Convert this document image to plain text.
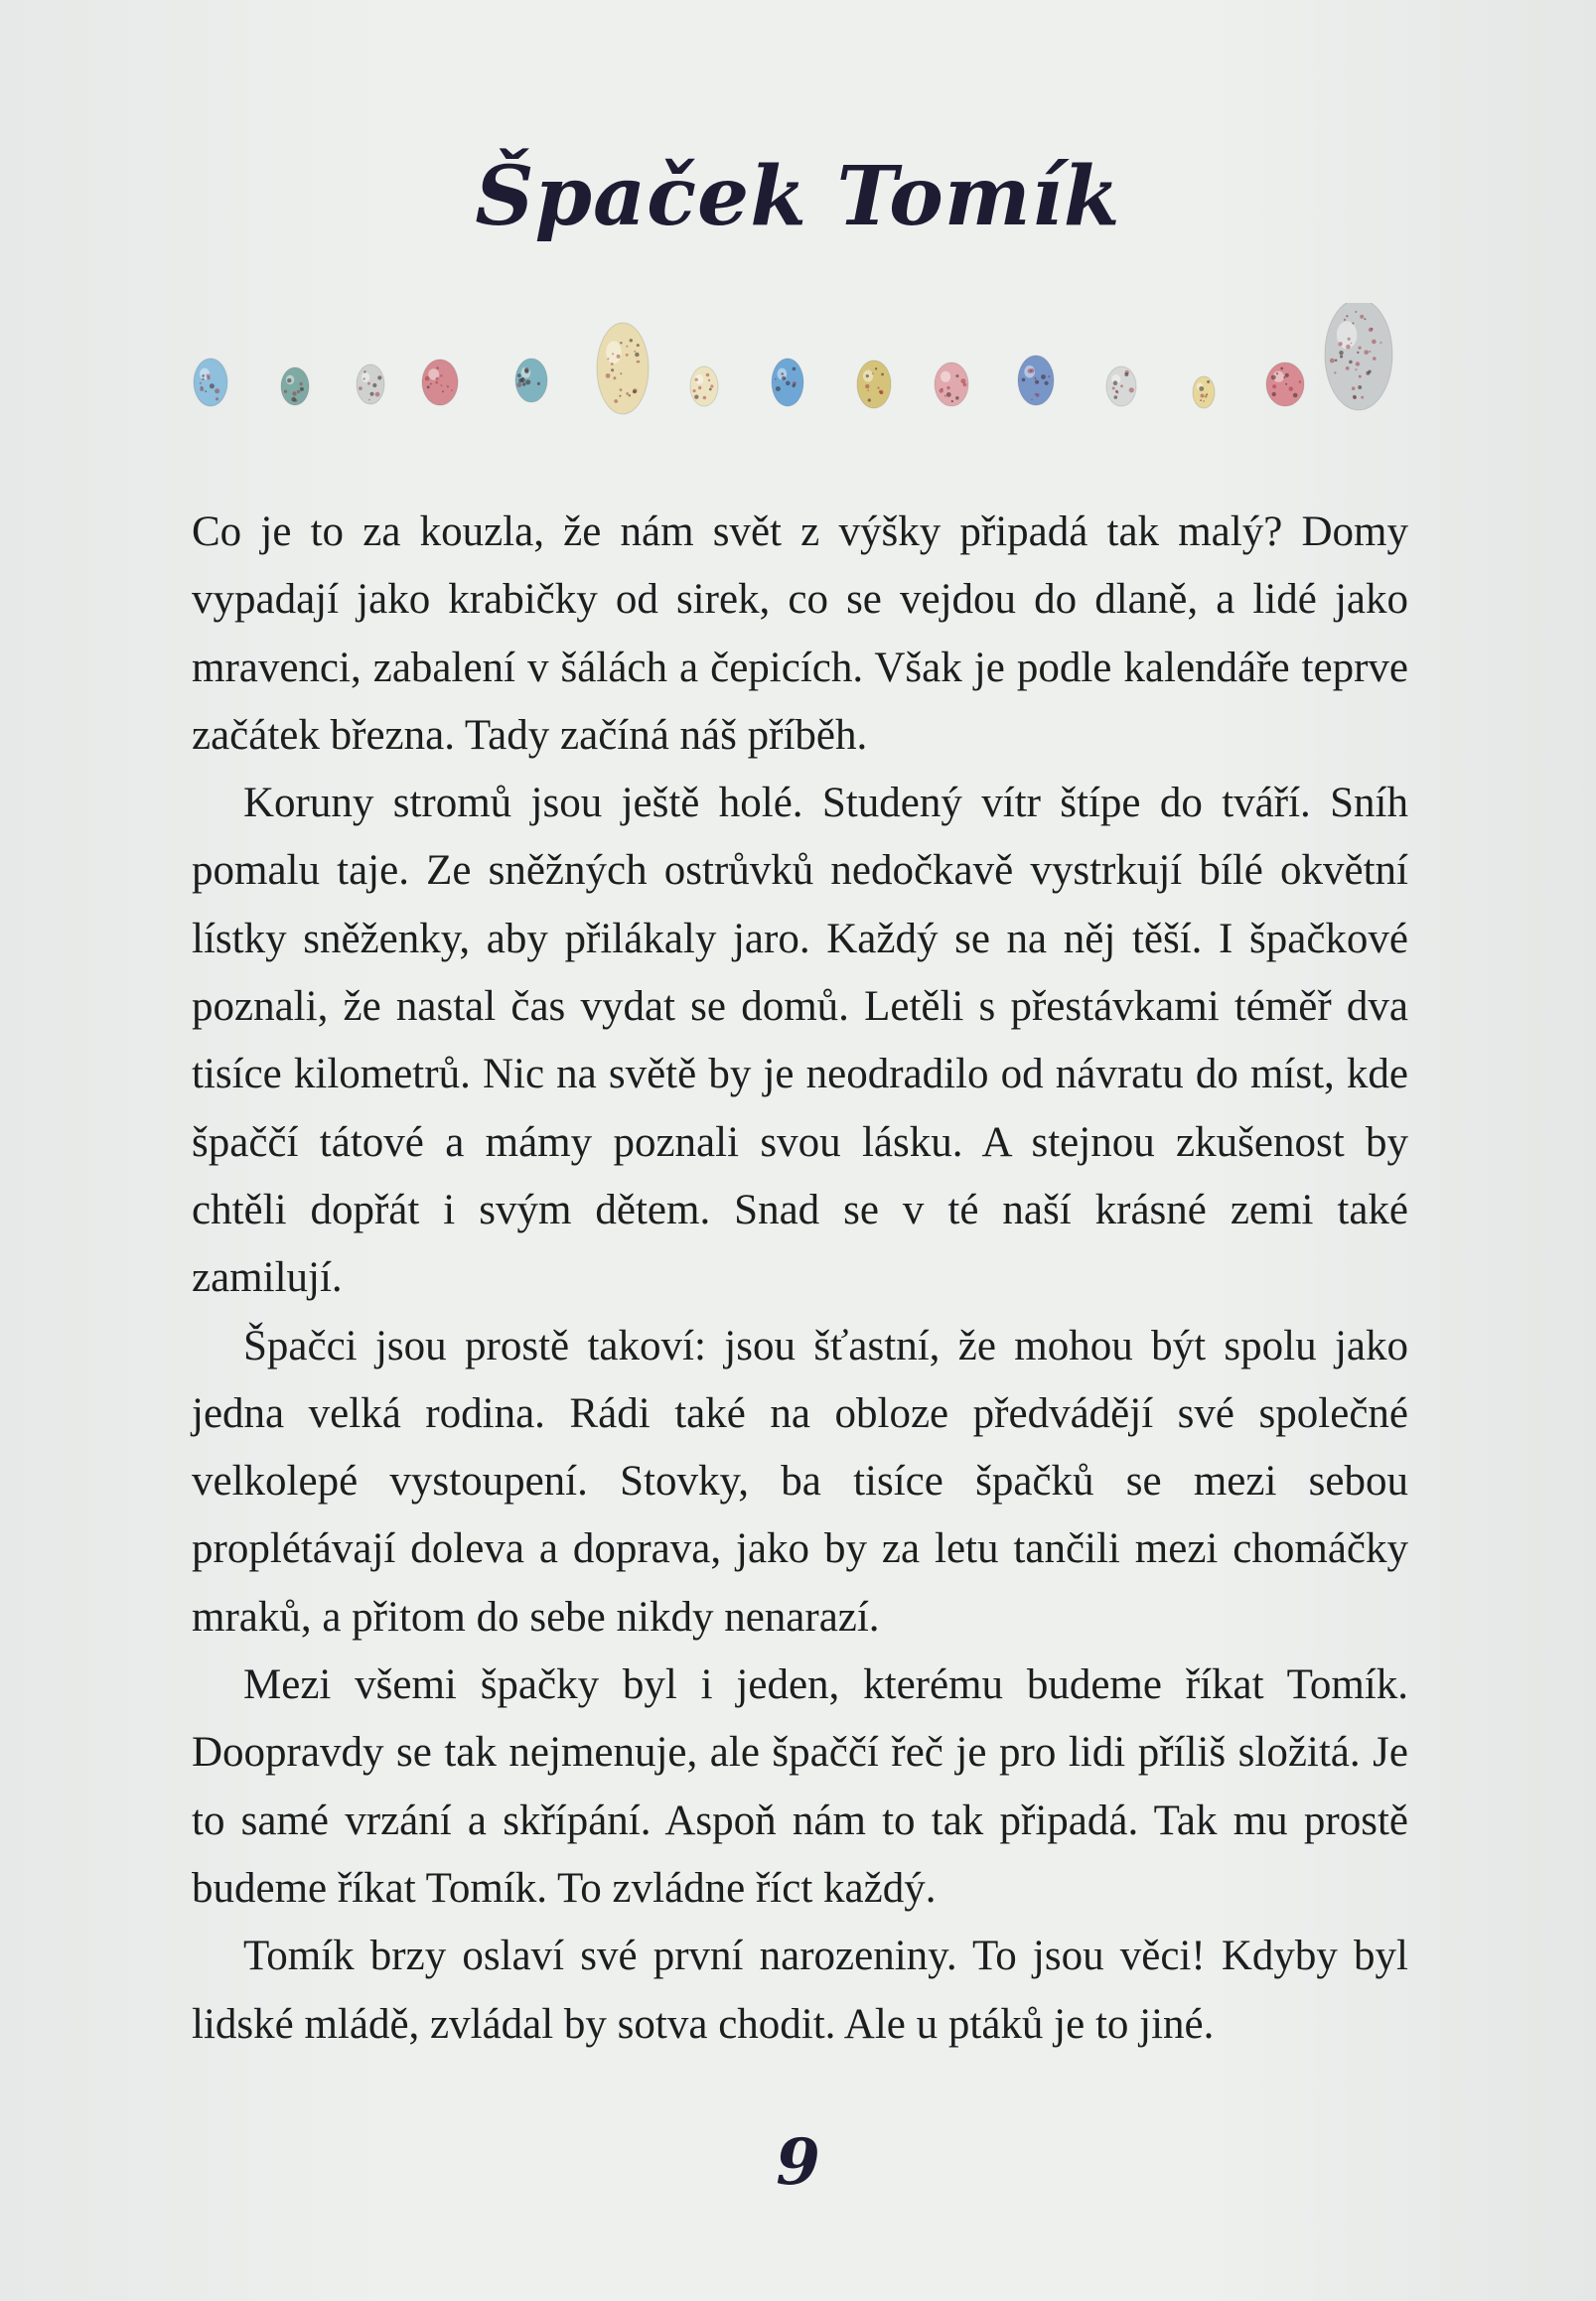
Špaček Tomík

Co je to za kouzla, že nám svět z výšky připadá tak malý? Domy vypadají jako krabičky od sirek, co se vejdou do dlaně, a lidé jako mravenci, zabalení v šálách a čepicích. Však je podle kalendáře teprve začátek března. Tady začíná náš příběh.

Koruny stromů jsou ještě holé. Studený vítr štípe do tváří. Sníh pomalu taje. Ze sněžných ostrůvků nedočkavě vystrkují bílé okvětní lístky sněženky, aby přilákaly jaro. Každý se na něj těší. I špačkové poznali, že nastal čas vydat se domů. Letěli s přestávkami téměř dva tisíce kilometrů. Nic na světě by je neodradilo od návratu do míst, kde špaččí tátové a mámy poznali svou lásku. A stejnou zkušenost by chtěli dopřát i svým dětem. Snad se v té naší krásné zemi také zamilují.

Špačci jsou prostě takoví: jsou šťastní, že mohou být spolu jako jedna velká rodina. Rádi také na obloze předvádějí své společné velkolepé vystoupení. Stovky, ba tisíce špačků se mezi sebou proplétávají doleva a doprava, jako by za letu tančili mezi chomáčky mraků, a přitom do sebe nikdy nenarazí.

Mezi všemi špačky byl i jeden, kterému budeme říkat Tomík. Doopravdy se tak nejmenuje, ale špaččí řeč je pro lidi příliš složitá. Je to samé vrzání a skřípání. Aspoň nám to tak připadá. Tak mu prostě budeme říkat Tomík. To zvládne říct každý.

Tomík brzy oslaví své první narozeniny. To jsou věci! Kdyby byl lidské mládě, zvládal by sotva chodit. Ale u ptáků je to jiné.

9
